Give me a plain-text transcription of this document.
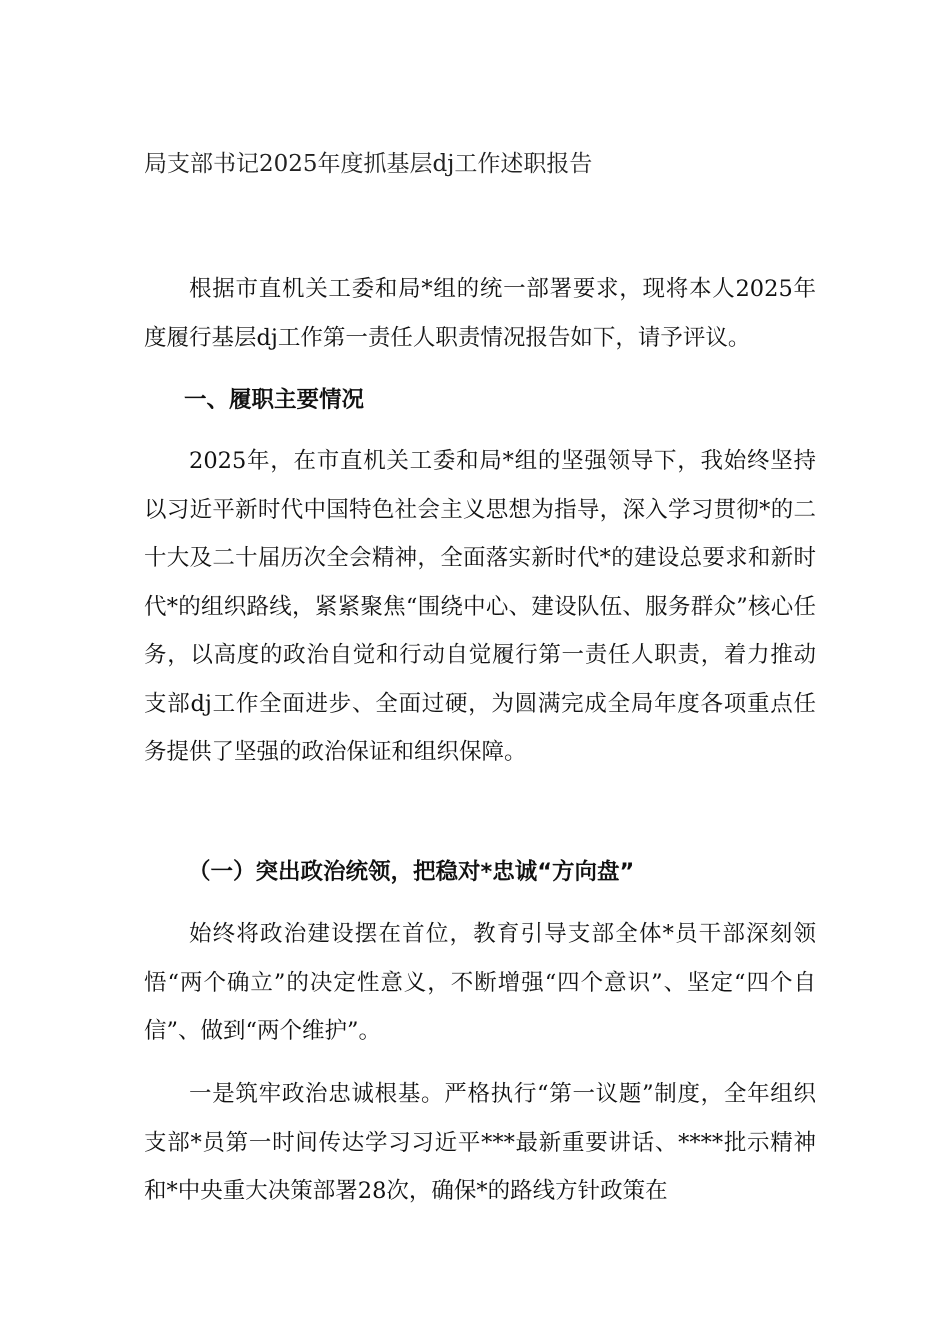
局支部书记2025年度抓基层dj工作述职报告

根据市直机关工委和局*组的统一部署要求，现将本人2025年度履行基层dj工作第一责任人职责情况报告如下，请予评议。

一、履职主要情况

2025年，在市直机关工委和局*组的坚强领导下，我始终坚持以习近平新时代中国特色社会主义思想为指导，深入学习贯彻*的二十大及二十届历次全会精神，全面落实新时代*的建设总要求和新时代*的组织路线，紧紧聚焦“围绕中心、建设队伍、服务群众”核心任务，以高度的政治自觉和行动自觉履行第一责任人职责，着力推动支部dj工作全面进步、全面过硬，为圆满完成全局年度各项重点任务提供了坚强的政治保证和组织保障。

（一）突出政治统领，把稳对*忠诚“方向盘”

始终将政治建设摆在首位，教育引导支部全体*员干部深刻领悟“两个确立”的决定性意义，不断增强“四个意识”、坚定“四个自信”、做到“两个维护”。

一是筑牢政治忠诚根基。严格执行“第一议题”制度，全年组织支部*员第一时间传达学习习近平***最新重要讲话、****批示精神和*中央重大决策部署28次，确保*的路线方针政策在
